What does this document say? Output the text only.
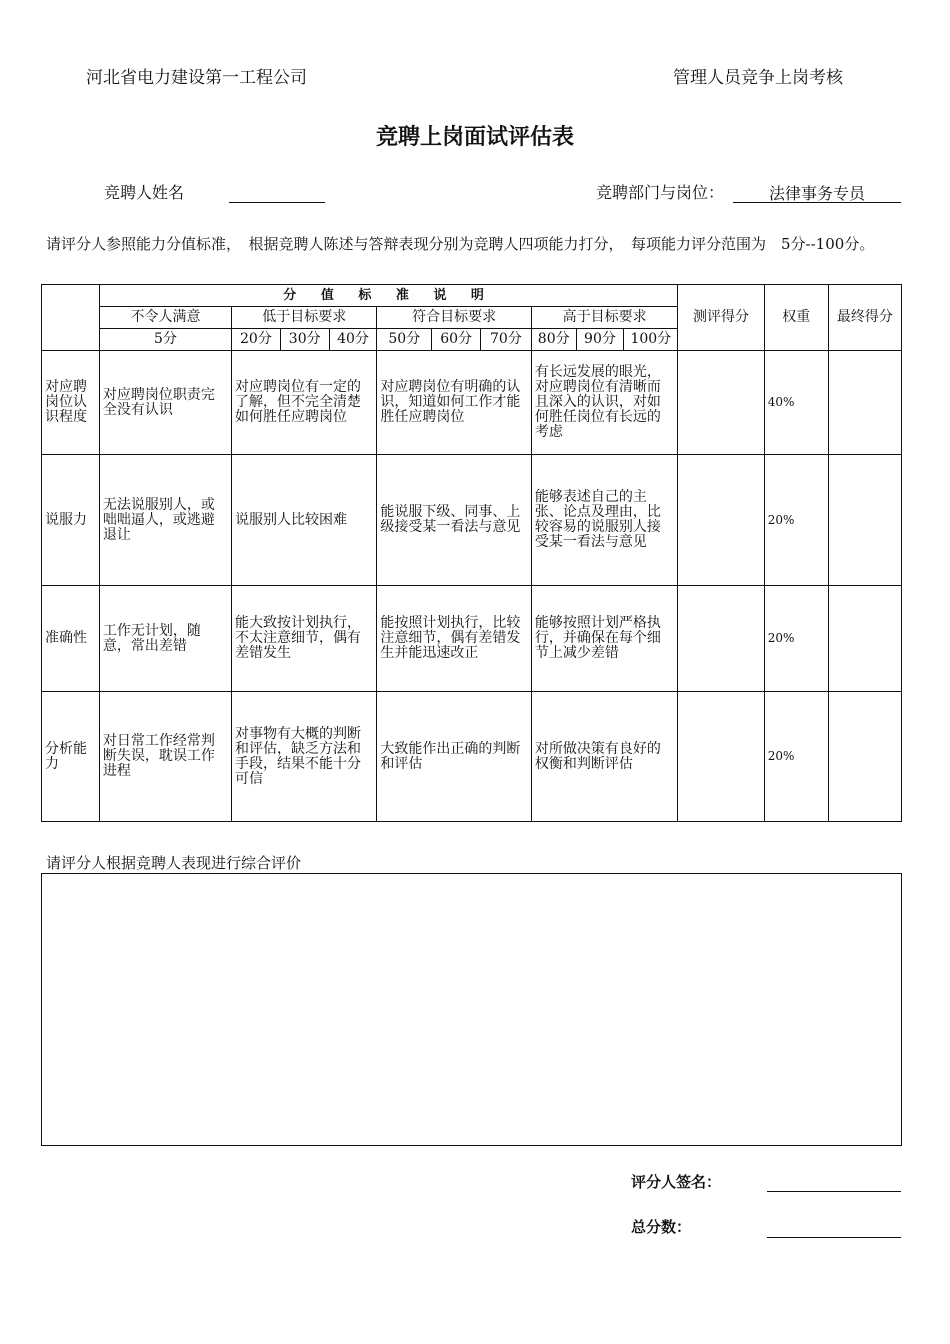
河北省电力建设第一工程公司	管理人员竞争上岗考核
竞聘上岗面试评估表
竞聘人姓名	竞聘部门与岗位：	法律事务专员
请评分人参照能力分值标准，　根据竞聘人陈述与答辩表现分别为竞聘人四项能力打分，　每项能力评分范围为　5分--100分。
	分 值 标 准 说 明										测评得分	权重	最终得分
	不令人满意	低于目标要求			符合目标要求			高于目标要求					
	5分	20分	30分	40分	50分	60分	70分	80分	90分	100分			
对应聘岗位认识程度	对应聘岗位职责完全没有认识	对应聘岗位有一定的了解，但不完全清楚如何胜任应聘岗位			对应聘岗位有明确的认识，知道如何工作才能胜任应聘岗位			有长远发展的眼光，对应聘岗位有清晰而且深入的认识，对如何胜任岗位有长远的考虑				40%	
说服力	无法说服别人，或咄咄逼人，或逃避退让	说服别人比较困难			能说服下级、同事、上级接受某一看法与意见			能够表述自己的主张、论点及理由，比较容易的说服别人接受某一看法与意见				20%	
准确性	工作无计划，随意，常出差错	能大致按计划执行，不太注意细节，偶有差错发生			能按照计划执行，比较注意细节，偶有差错发生并能迅速改正			能够按照计划严格执行，并确保在每个细节上减少差错				20%	
分析能力	对日常工作经常判断失误，耽误工作进程	对事物有大概的判断和评估，缺乏方法和手段，结果不能十分可信			大致能作出正确的判断和评估			对所做决策有良好的权衡和判断评估				20%	
请评分人根据竞聘人表现进行综合评价
评分人签名：
总分数：
